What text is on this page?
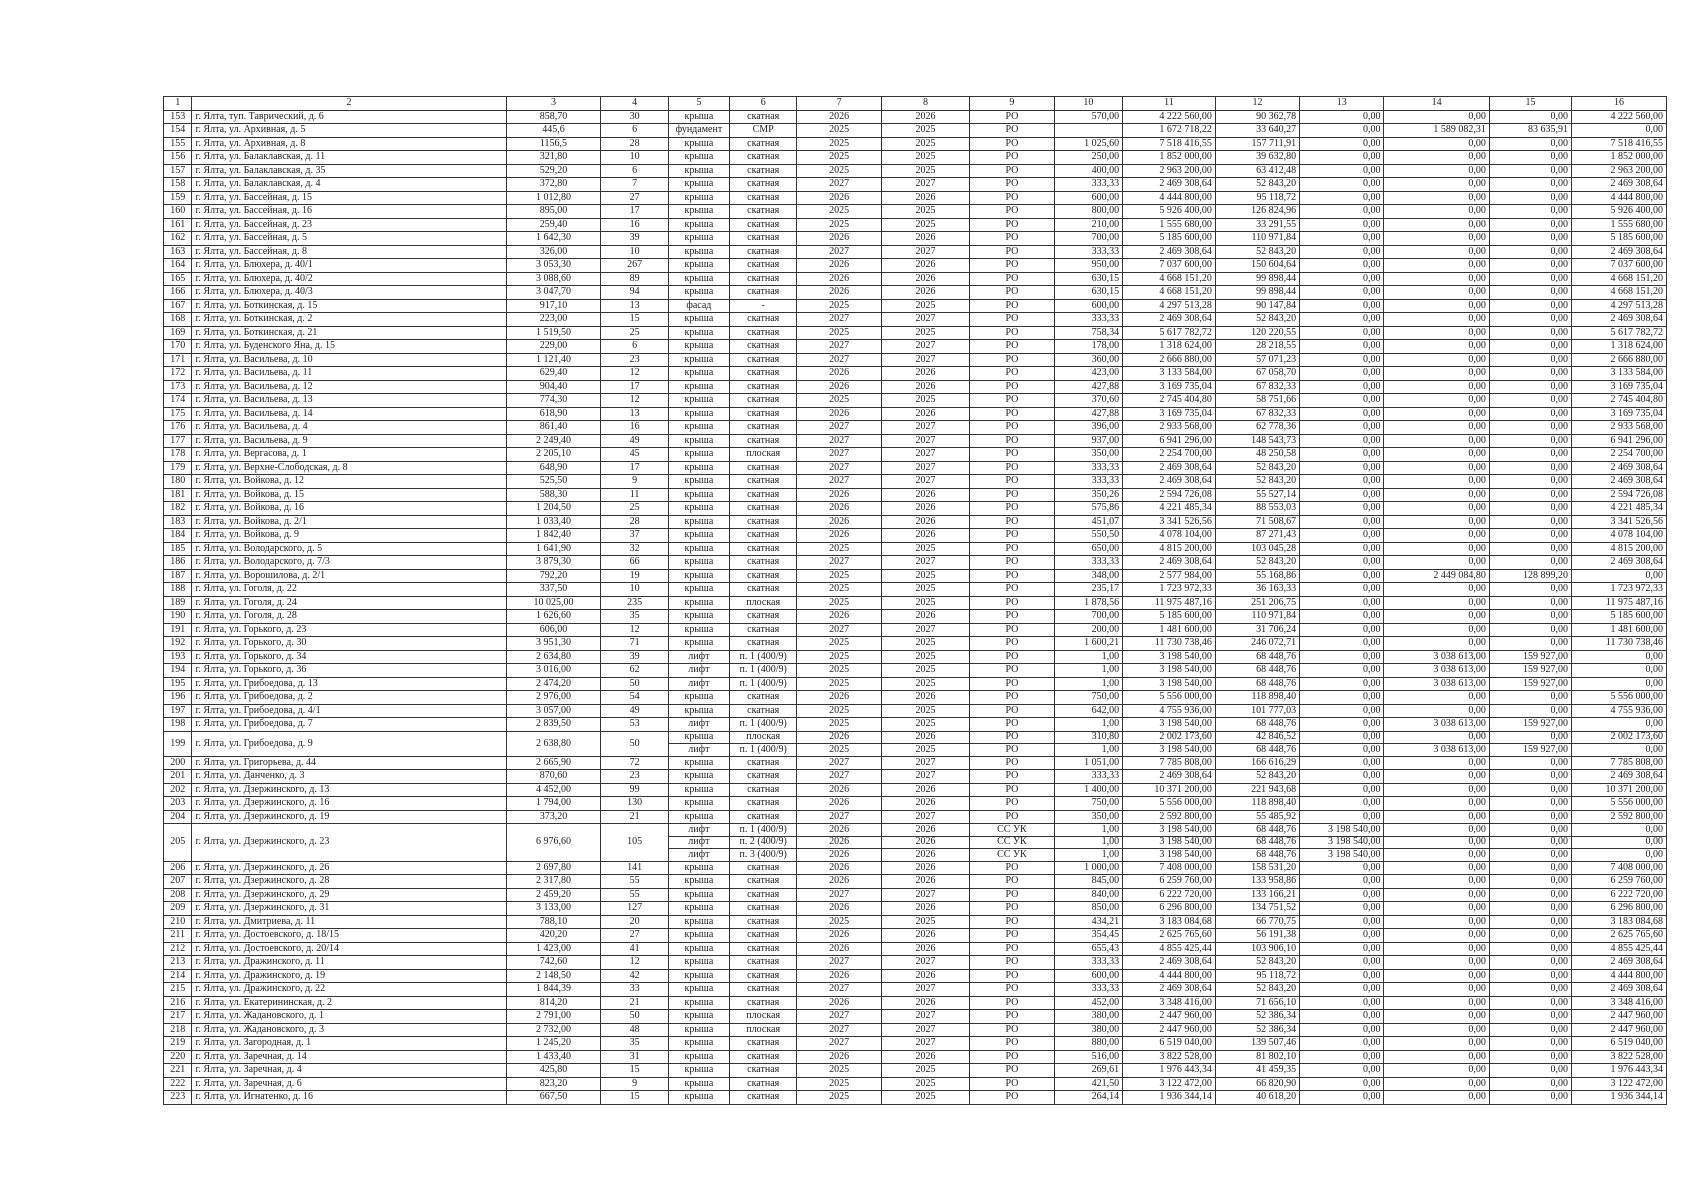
1	2	3	4	5	6	7	8	9	10	11	12	13	14	15	16
153	г. Ялта, туп. Таврический, д. 6	858,70	30	крыша	скатная	2026	2026	РО	570,00	4 222 560,00	90 362,78	0,00	0,00	0,00	4 222 560,00
154	г. Ялта, ул. Архивная, д. 5	445,6	6	фундамент	СМР	2025	2025	РО		1 672 718,22	33 640,27	0,00	1 589 082,31	83 635,91	0,00
155	г. Ялта, ул. Архивная, д. 8	1156,5	28	крыша	скатная	2025	2025	РО	1 025,60	7 518 416,55	157 711,91	0,00	0,00	0,00	7 518 416,55
156	г. Ялта, ул. Балаклавская, д. 11	321,80	10	крыша	скатная	2025	2025	РО	250,00	1 852 000,00	39 632,80	0,00	0,00	0,00	1 852 000,00
157	г. Ялта, ул. Балаклавская, д. 35	529,20	6	крыша	скатная	2025	2025	РО	400,00	2 963 200,00	63 412,48	0,00	0,00	0,00	2 963 200,00
158	г. Ялта, ул. Балаклавская, д. 4	372,80	7	крыша	скатная	2027	2027	РО	333,33	2 469 308,64	52 843,20	0,00	0,00	0,00	2 469 308,64
159	г. Ялта, ул. Бассейная, д. 15	1 012,80	27	крыша	скатная	2026	2026	РО	600,00	4 444 800,00	95 118,72	0,00	0,00	0,00	4 444 800,00
160	г. Ялта, ул. Бассейная, д. 16	895,00	17	крыша	скатная	2025	2025	РО	800,00	5 926 400,00	126 824,96	0,00	0,00	0,00	5 926 400,00
161	г. Ялта, ул. Бассейная, д. 23	259,40	16	крыша	скатная	2025	2025	РО	210,00	1 555 680,00	33 291,55	0,00	0,00	0,00	1 555 680,00
162	г. Ялта, ул. Бассейная, д. 5	1 642,30	39	крыша	скатная	2026	2026	РО	700,00	5 185 600,00	110 971,84	0,00	0,00	0,00	5 185 600,00
163	г. Ялта, ул. Бассейная, д. 8	326,00	10	крыша	скатная	2027	2027	РО	333,33	2 469 308,64	52 843,20	0,00	0,00	0,00	2 469 308,64
164	г. Ялта, ул. Блюхера, д. 40/1	3 053,30	267	крыша	скатная	2026	2026	РО	950,00	7 037 600,00	150 604,64	0,00	0,00	0,00	7 037 600,00
165	г. Ялта, ул. Блюхера, д. 40/2	3 088,60	89	крыша	скатная	2026	2026	РО	630,15	4 668 151,20	99 898,44	0,00	0,00	0,00	4 668 151,20
166	г. Ялта, ул. Блюхера, д. 40/3	3 047,70	94	крыша	скатная	2026	2026	РО	630,15	4 668 151,20	99 898,44	0,00	0,00	0,00	4 668 151,20
167	г. Ялта, ул. Боткинская, д. 15	917,10	13	фасад	-	2025	2025	РО	600,00	4 297 513,28	90 147,84	0,00	0,00	0,00	4 297 513,28
168	г. Ялта, ул. Боткинская, д. 2	223,00	15	крыша	скатная	2027	2027	РО	333,33	2 469 308,64	52 843,20	0,00	0,00	0,00	2 469 308,64
169	г. Ялта, ул. Боткинская, д. 21	1 519,50	25	крыша	скатная	2025	2025	РО	758,34	5 617 782,72	120 220,55	0,00	0,00	0,00	5 617 782,72
170	г. Ялта, ул. Буденского Яна, д. 15	229,00	6	крыша	скатная	2027	2027	РО	178,00	1 318 624,00	28 218,55	0,00	0,00	0,00	1 318 624,00
171	г. Ялта, ул. Васильева, д. 10	1 121,40	23	крыша	скатная	2027	2027	РО	360,00	2 666 880,00	57 071,23	0,00	0,00	0,00	2 666 880,00
172	г. Ялта, ул. Васильева, д. 11	629,40	12	крыша	скатная	2026	2026	РО	423,00	3 133 584,00	67 058,70	0,00	0,00	0,00	3 133 584,00
173	г. Ялта, ул. Васильева, д. 12	904,40	17	крыша	скатная	2026	2026	РО	427,88	3 169 735,04	67 832,33	0,00	0,00	0,00	3 169 735,04
174	г. Ялта, ул. Васильева, д. 13	774,30	12	крыша	скатная	2025	2025	РО	370,60	2 745 404,80	58 751,66	0,00	0,00	0,00	2 745 404,80
175	г. Ялта, ул. Васильева, д. 14	618,90	13	крыша	скатная	2026	2026	РО	427,88	3 169 735,04	67 832,33	0,00	0,00	0,00	3 169 735,04
176	г. Ялта, ул. Васильева, д. 4	861,40	16	крыша	скатная	2027	2027	РО	396,00	2 933 568,00	62 778,36	0,00	0,00	0,00	2 933 568,00
177	г. Ялта, ул. Васильева, д. 9	2 249,40	49	крыша	скатная	2027	2027	РО	937,00	6 941 296,00	148 543,73	0,00	0,00	0,00	6 941 296,00
178	г. Ялта, ул. Вергасова, д. 1	2 205,10	45	крыша	плоская	2027	2027	РО	350,00	2 254 700,00	48 250,58	0,00	0,00	0,00	2 254 700,00
179	г. Ялта, ул. Верхне-Слободская, д. 8	648,90	17	крыша	скатная	2027	2027	РО	333,33	2 469 308,64	52 843,20	0,00	0,00	0,00	2 469 308,64
180	г. Ялта, ул. Войкова, д. 12	525,50	9	крыша	скатная	2027	2027	РО	333,33	2 469 308,64	52 843,20	0,00	0,00	0,00	2 469 308,64
181	г. Ялта, ул. Войкова, д. 15	588,30	11	крыша	скатная	2026	2026	РО	350,26	2 594 726,08	55 527,14	0,00	0,00	0,00	2 594 726,08
182	г. Ялта, ул. Войкова, д. 16	1 204,50	25	крыша	скатная	2026	2026	РО	575,86	4 221 485,34	88 553,03	0,00	0,00	0,00	4 221 485,34
183	г. Ялта, ул. Войкова, д. 2/1	1 033,40	28	крыша	скатная	2026	2026	РО	451,07	3 341 526,56	71 508,67	0,00	0,00	0,00	3 341 526,56
184	г. Ялта, ул. Войкова, д. 9	1 842,40	37	крыша	скатная	2026	2026	РО	550,50	4 078 104,00	87 271,43	0,00	0,00	0,00	4 078 104,00
185	г. Ялта, ул. Володарского, д. 5	1 641,90	32	крыша	скатная	2025	2025	РО	650,00	4 815 200,00	103 045,28	0,00	0,00	0,00	4 815 200,00
186	г. Ялта, ул. Володарского, д. 7/3	3 879,30	66	крыша	скатная	2027	2027	РО	333,33	2 469 308,64	52 843,20	0,00	0,00	0,00	2 469 308,64
187	г. Ялта, ул. Ворошилова, д. 2/1	792,20	19	крыша	скатная	2025	2025	РО	348,00	2 577 984,00	55 168,86	0,00	2 449 084,80	128 899,20	0,00
188	г. Ялта, ул. Гоголя, д. 22	337,50	10	крыша	скатная	2025	2025	РО	235,17	1 723 972,33	36 163,33	0,00	0,00	0,00	1 723 972,33
189	г. Ялта, ул. Гоголя, д. 24	10 025,00	235	крыша	плоская	2025	2025	РО	1 878,56	11 975 487,16	251 206,75	0,00	0,00	0,00	11 975 487,16
190	г. Ялта, ул. Гоголя, д. 28	1 626,60	35	крыша	скатная	2026	2026	РО	700,00	5 185 600,00	110 971,84	0,00	0,00	0,00	5 185 600,00
191	г. Ялта, ул. Горького, д. 23	606,00	12	крыша	скатная	2027	2027	РО	200,00	1 481 600,00	31 706,24	0,00	0,00	0,00	1 481 600,00
192	г. Ялта, ул. Горького, д. 30	3 951,30	71	крыша	скатная	2025	2025	РО	1 600,21	11 730 738,46	246 072,71	0,00	0,00	0,00	11 730 738,46
193	г. Ялта, ул. Горького, д. 34	2 634,80	39	лифт	п. 1 (400/9)	2025	2025	РО	1,00	3 198 540,00	68 448,76	0,00	3 038 613,00	159 927,00	0,00
194	г. Ялта, ул. Горького, д. 36	3 016,00	62	лифт	п. 1 (400/9)	2025	2025	РО	1,00	3 198 540,00	68 448,76	0,00	3 038 613,00	159 927,00	0,00
195	г. Ялта, ул. Грибоедова, д. 13	2 474,20	50	лифт	п. 1 (400/9)	2025	2025	РО	1,00	3 198 540,00	68 448,76	0,00	3 038 613,00	159 927,00	0,00
196	г. Ялта, ул. Грибоедова, д. 2	2 976,00	54	крыша	скатная	2026	2026	РО	750,00	5 556 000,00	118 898,40	0,00	0,00	0,00	5 556 000,00
197	г. Ялта, ул. Грибоедова, д. 4/1	3 057,00	49	крыша	скатная	2025	2025	РО	642,00	4 755 936,00	101 777,03	0,00	0,00	0,00	4 755 936,00
198	г. Ялта, ул. Грибоедова, д. 7	2 839,50	53	лифт	п. 1 (400/9)	2025	2025	РО	1,00	3 198 540,00	68 448,76	0,00	3 038 613,00	159 927,00	0,00
199	г. Ялта, ул. Грибоедова, д. 9	2 638,80	50	крыша	плоская	2026	2026	РО	310,80	2 002 173,60	42 846,52	0,00	0,00	0,00	2 002 173,60
				лифт	п. 1 (400/9)	2025	2025	РО	1,00	3 198 540,00	68 448,76	0,00	3 038 613,00	159 927,00	0,00
200	г. Ялта, ул. Григорьева, д. 44	2 665,90	72	крыша	скатная	2027	2027	РО	1 051,00	7 785 808,00	166 616,29	0,00	0,00	0,00	7 785 808,00
201	г. Ялта, ул. Данченко, д. 3	870,60	23	крыша	скатная	2027	2027	РО	333,33	2 469 308,64	52 843,20	0,00	0,00	0,00	2 469 308,64
202	г. Ялта, ул. Дзержинского, д. 13	4 452,00	99	крыша	скатная	2026	2026	РО	1 400,00	10 371 200,00	221 943,68	0,00	0,00	0,00	10 371 200,00
203	г. Ялта, ул. Дзержинского, д. 16	1 794,00	130	крыша	скатная	2026	2026	РО	750,00	5 556 000,00	118 898,40	0,00	0,00	0,00	5 556 000,00
204	г. Ялта, ул. Дзержинского, д. 19	373,20	21	крыша	скатная	2027	2027	РО	350,00	2 592 800,00	55 485,92	0,00	0,00	0,00	2 592 800,00
205	г. Ялта, ул. Дзержинского, д. 23	6 976,60	105	лифт	п. 1 (400/9)	2026	2026	СС УК	1,00	3 198 540,00	68 448,76	3 198 540,00	0,00	0,00	0,00
				лифт	п. 2 (400/9)	2026	2026	СС УК	1,00	3 198 540,00	68 448,76	3 198 540,00	0,00	0,00	0,00
				лифт	п. 3 (400/9)	2026	2026	СС УК	1,00	3 198 540,00	68 448,76	3 198 540,00	0,00	0,00	0,00
206	г. Ялта, ул. Дзержинского, д. 26	2 697,80	141	крыша	скатная	2026	2026	РО	1 000,00	7 408 000,00	158 531,20	0,00	0,00	0,00	7 408 000,00
207	г. Ялта, ул. Дзержинского, д. 28	2 317,80	55	крыша	скатная	2026	2026	РО	845,00	6 259 760,00	133 958,86	0,00	0,00	0,00	6 259 760,00
208	г. Ялта, ул. Дзержинского, д. 29	2 459,20	55	крыша	скатная	2027	2027	РО	840,00	6 222 720,00	133 166,21	0,00	0,00	0,00	6 222 720,00
209	г. Ялта, ул. Дзержинского, д. 31	3 133,00	127	крыша	скатная	2026	2026	РО	850,00	6 296 800,00	134 751,52	0,00	0,00	0,00	6 296 800,00
210	г. Ялта, ул. Дмитриева, д. 11	788,10	20	крыша	скатная	2025	2025	РО	434,21	3 183 084,68	66 770,75	0,00	0,00	0,00	3 183 084,68
211	г. Ялта, ул. Достоевского, д. 18/15	420,20	27	крыша	скатная	2026	2026	РО	354,45	2 625 765,60	56 191,38	0,00	0,00	0,00	2 625 765,60
212	г. Ялта, ул. Достоевского, д. 20/14	1 423,00	41	крыша	скатная	2026	2026	РО	655,43	4 855 425,44	103 906,10	0,00	0,00	0,00	4 855 425,44
213	г. Ялта, ул. Дражинского, д. 11	742,60	12	крыша	скатная	2027	2027	РО	333,33	2 469 308,64	52 843,20	0,00	0,00	0,00	2 469 308,64
214	г. Ялта, ул. Дражинского, д. 19	2 148,50	42	крыша	скатная	2026	2026	РО	600,00	4 444 800,00	95 118,72	0,00	0,00	0,00	4 444 800,00
215	г. Ялта, ул. Дражинского, д. 22	1 844,39	33	крыша	скатная	2027	2027	РО	333,33	2 469 308,64	52 843,20	0,00	0,00	0,00	2 469 308,64
216	г. Ялта, ул. Екатерининская, д. 2	814,20	21	крыша	скатная	2026	2026	РО	452,00	3 348 416,00	71 656,10	0,00	0,00	0,00	3 348 416,00
217	г. Ялта, ул. Жадановского, д. 1	2 791,00	50	крыша	плоская	2027	2027	РО	380,00	2 447 960,00	52 386,34	0,00	0,00	0,00	2 447 960,00
218	г. Ялта, ул. Жадановского, д. 3	2 732,00	48	крыша	плоская	2027	2027	РО	380,00	2 447 960,00	52 386,34	0,00	0,00	0,00	2 447 960,00
219	г. Ялта, ул. Загородная, д. 1	1 245,20	35	крыша	скатная	2027	2027	РО	880,00	6 519 040,00	139 507,46	0,00	0,00	0,00	6 519 040,00
220	г. Ялта, ул. Заречная, д. 14	1 433,40	31	крыша	скатная	2026	2026	РО	516,00	3 822 528,00	81 802,10	0,00	0,00	0,00	3 822 528,00
221	г. Ялта, ул. Заречная, д. 4	425,80	15	крыша	скатная	2025	2025	РО	269,61	1 976 443,34	41 459,35	0,00	0,00	0,00	1 976 443,34
222	г. Ялта, ул. Заречная, д. 6	823,20	9	крыша	скатная	2025	2025	РО	421,50	3 122 472,00	66 820,90	0,00	0,00	0,00	3 122 472,00
223	г. Ялта, ул. Игнатенко, д. 16	667,50	15	крыша	скатная	2025	2025	РО	264,14	1 936 344,14	40 618,20	0,00	0,00	0,00	1 936 344,14
